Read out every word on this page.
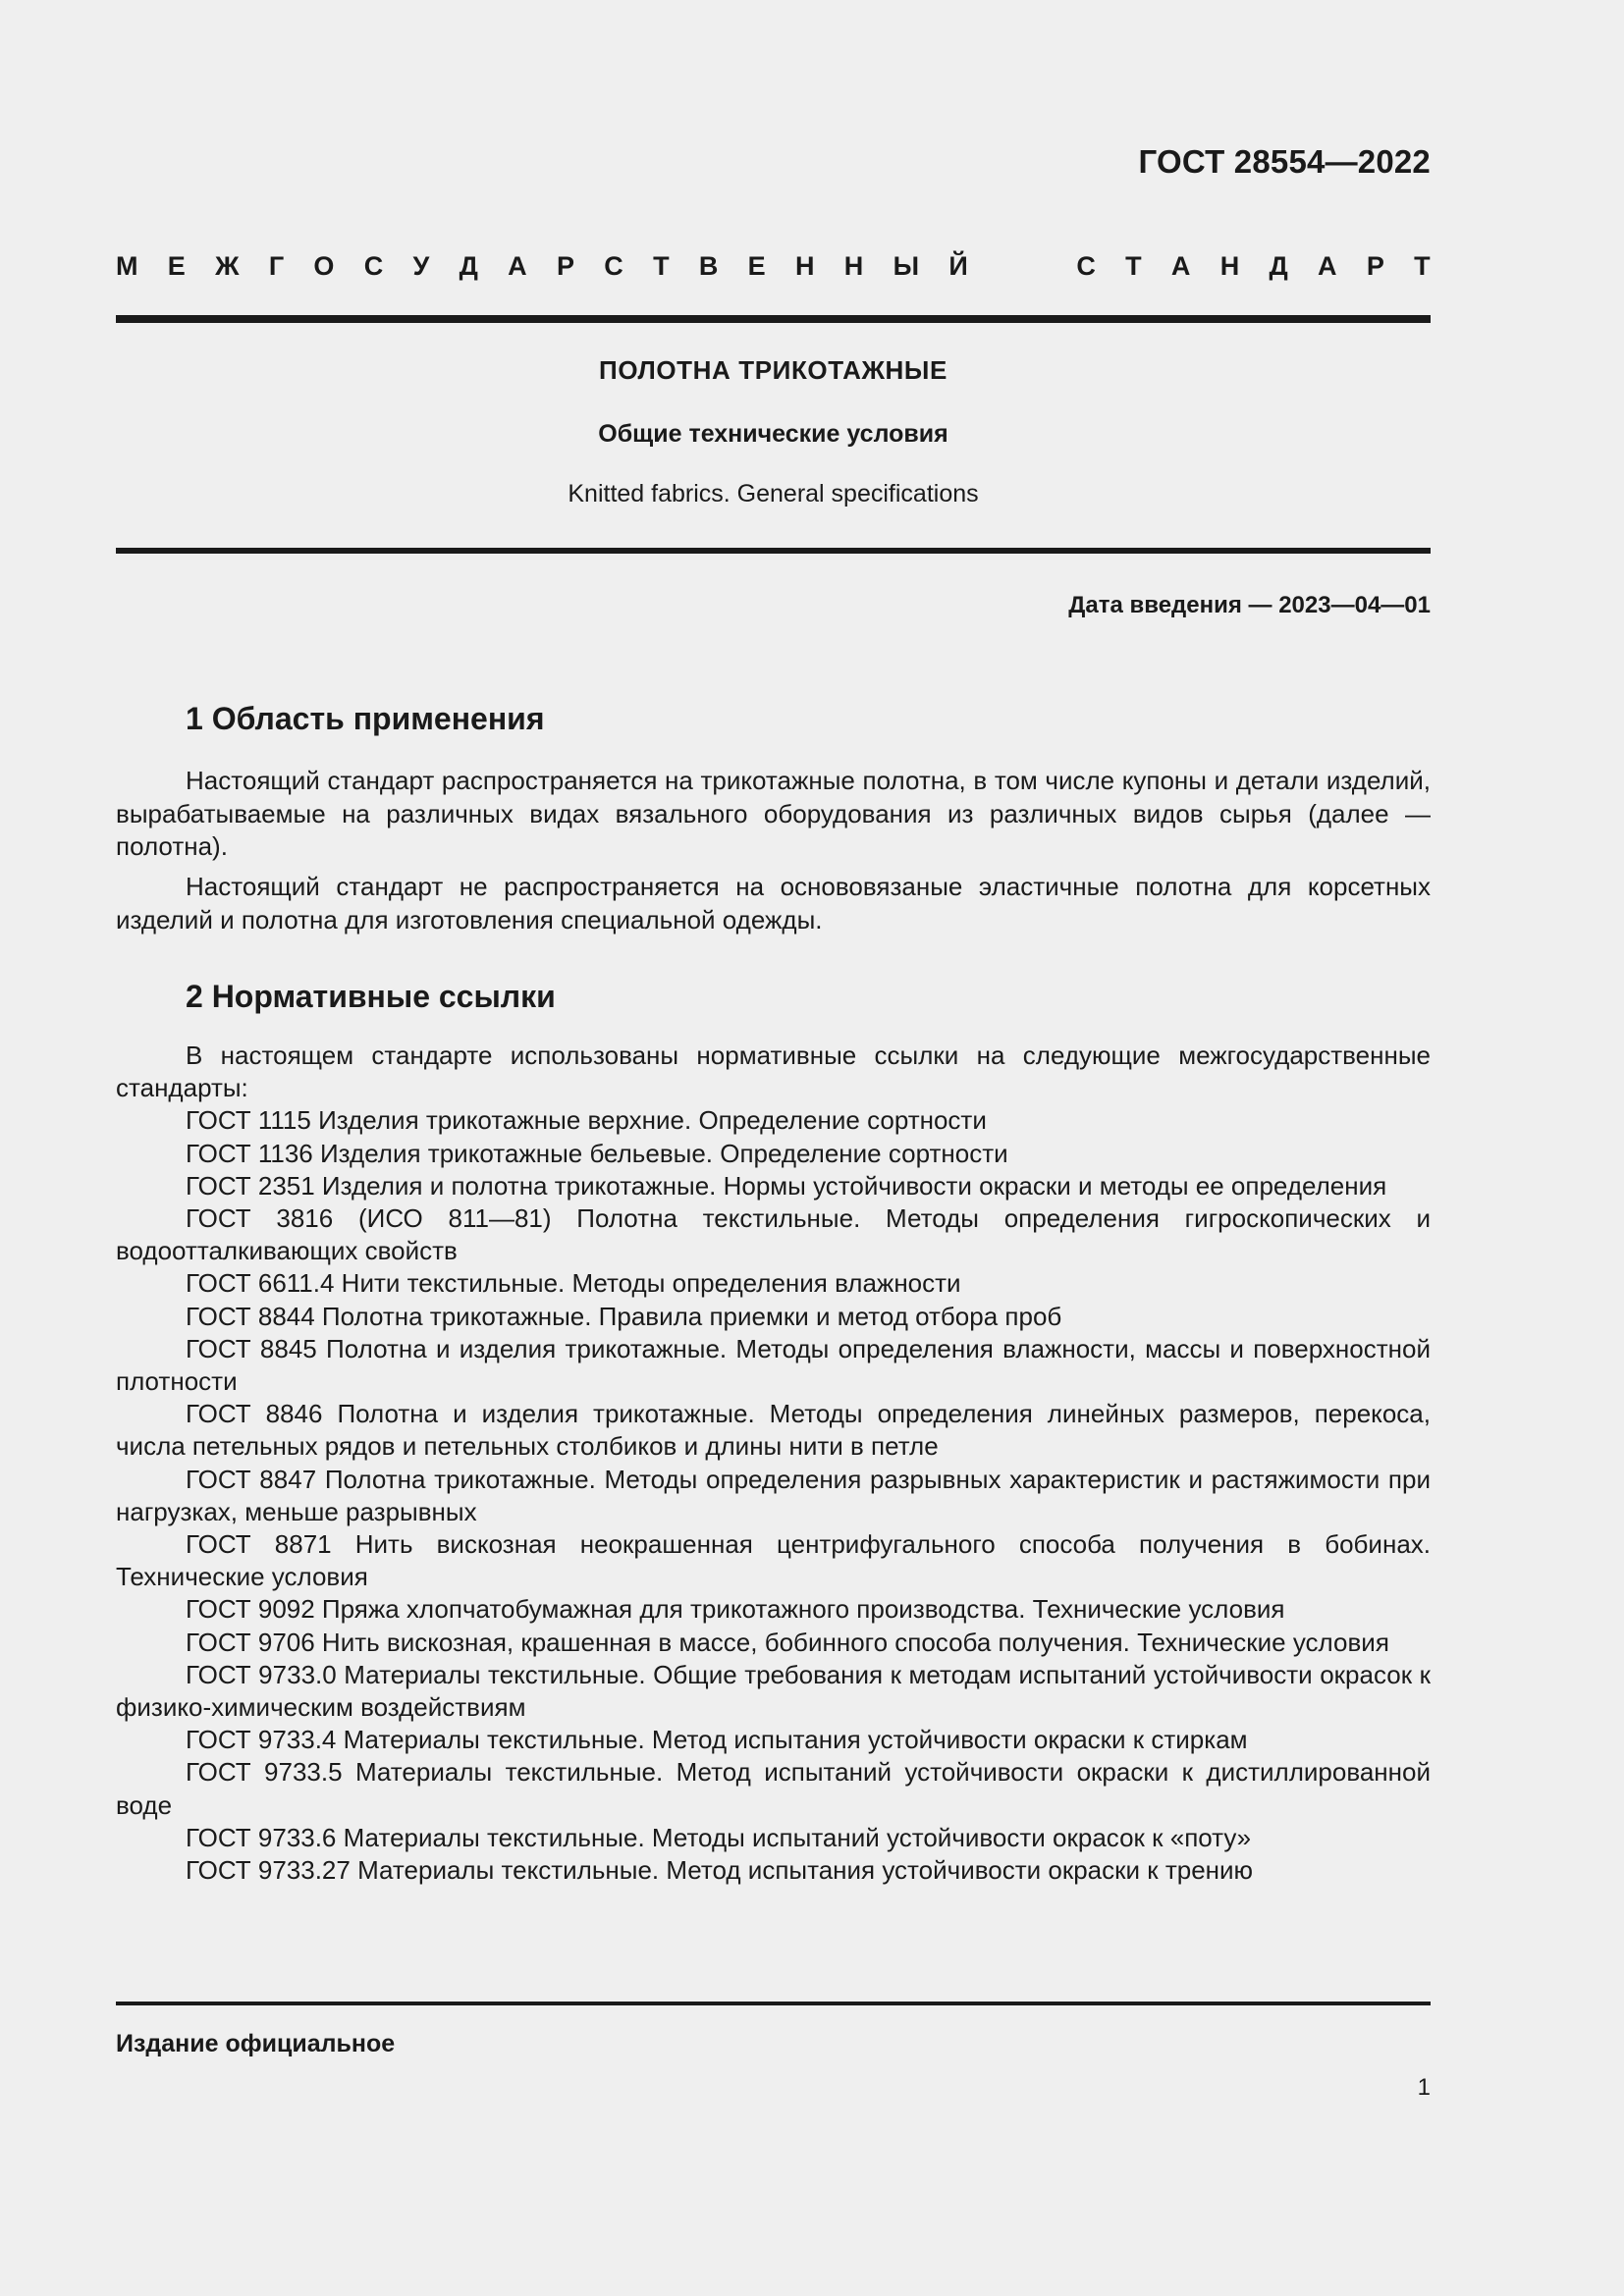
ГОСТ 28554—2022
М Е Ж Г О С У Д А Р С Т В Е Н Н Ы Й	С Т А Н Д А Р Т
ПОЛОТНА ТРИКОТАЖНЫЕ
Общие технические условия
Knitted fabrics. General specifications
Дата введения — 2023—04—01
1 Область применения
Настоящий стандарт распространяется на трикотажные полотна, в том числе купоны и детали изделий, вырабатываемые на различных видах вязального оборудования из различных видов сырья (далее — полотна).
Настоящий стандарт не распространяется на основовязаные эластичные полотна для корсетных изделий и полотна для изготовления специальной одежды.
2 Нормативные ссылки
В настоящем стандарте использованы нормативные ссылки на следующие межгосударственные стандарты:
ГОСТ 1115 Изделия трикотажные верхние. Определение сортности
ГОСТ 1136 Изделия трикотажные бельевые. Определение сортности
ГОСТ 2351 Изделия и полотна трикотажные. Нормы устойчивости окраски и методы ее определения
ГОСТ 3816 (ИСО 811—81) Полотна текстильные. Методы определения гигроскопических и водоотталкивающих свойств
ГОСТ 6611.4 Нити текстильные. Методы определения влажности
ГОСТ 8844 Полотна трикотажные. Правила приемки и метод отбора проб
ГОСТ 8845 Полотна и изделия трикотажные. Методы определения влажности, массы и поверхностной плотности
ГОСТ 8846 Полотна и изделия трикотажные. Методы определения линейных размеров, перекоса, числа петельных рядов и петельных столбиков и длины нити в петле
ГОСТ 8847 Полотна трикотажные. Методы определения разрывных характеристик и растяжимости при нагрузках, меньше разрывных
ГОСТ 8871 Нить вискозная неокрашенная центрифугального способа получения в бобинах. Технические условия
ГОСТ 9092 Пряжа хлопчатобумажная для трикотажного производства. Технические условия
ГОСТ 9706 Нить вискозная, крашенная в массе, бобинного способа получения. Технические условия
ГОСТ 9733.0 Материалы текстильные. Общие требования к методам испытаний устойчивости окрасок к физико-химическим воздействиям
ГОСТ 9733.4 Материалы текстильные. Метод испытания устойчивости окраски к стиркам
ГОСТ 9733.5 Материалы текстильные. Метод испытаний устойчивости окраски к дистиллированной воде
ГОСТ 9733.6 Материалы текстильные. Методы испытаний устойчивости окрасок к «поту»
ГОСТ 9733.27 Материалы текстильные. Метод испытания устойчивости окраски к трению
Издание официальное
1
